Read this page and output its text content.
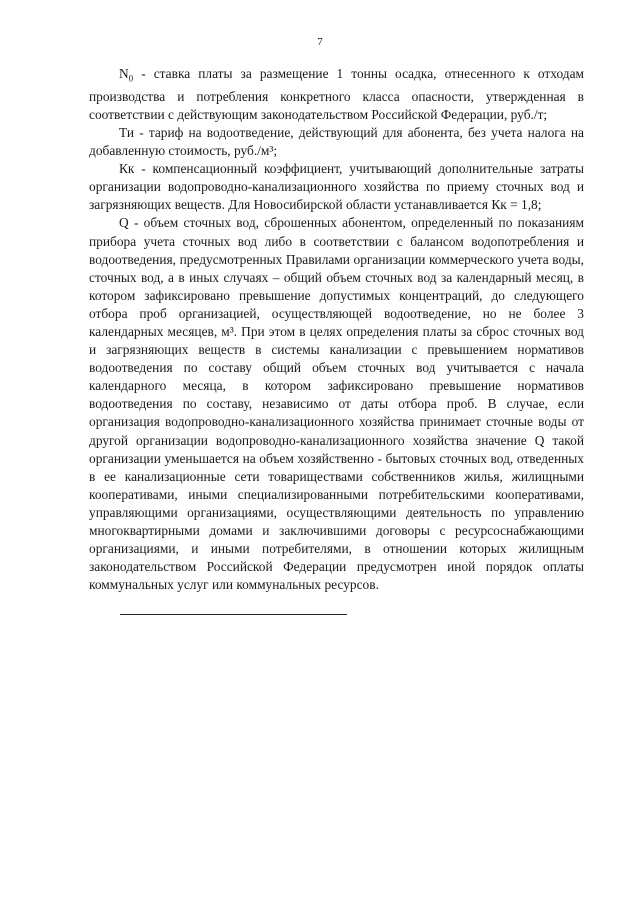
7

$N_0$ - ставка платы за размещение 1 тонны осадка, отнесенного к отходам производства и потребления конкретного класса опасности, утвержденная в соответствии с действующим законодательством Российской Федерации, руб./т;

Ти - тариф на водоотведение, действующий для абонента, без учета налога на добавленную стоимость, руб./м³;

Кк - компенсационный коэффициент, учитывающий дополнительные затраты организации водопроводно-канализационного хозяйства по приему сточных вод и загрязняющих веществ. Для Новосибирской области устанавливается Кк = 1,8;

Q - объем сточных вод, сброшенных абонентом, определенный по показаниям прибора учета сточных вод либо в соответствии с балансом водопотребления и водоотведения, предусмотренных Правилами организации коммерческого учета воды, сточных вод, а в иных случаях – общий объем сточных вод за календарный месяц, в котором зафиксировано превышение допустимых концентраций, до следующего отбора проб организацией, осуществляющей водоотведение, но не более 3 календарных месяцев, м³. При этом в целях определения платы за сброс сточных вод и загрязняющих веществ в системы канализации с превышением нормативов водоотведения по составу общий объем сточных вод учитывается с начала календарного месяца, в котором зафиксировано превышение нормативов водоотведения по составу, независимо от даты отбора проб. В случае, если организация водопроводно-канализационного хозяйства принимает сточные воды от другой организации водопроводно-канализационного хозяйства значение Q такой организации уменьшается на объем хозяйственно - бытовых сточных вод, отведенных в ее канализационные сети товариществами собственников жилья, жилищными кооперативами, иными специализированными потребительскими кооперативами, управляющими организациями, осуществляющими деятельность по управлению многоквартирными домами и заключившими договоры с ресурсоснабжающими организациями, и иными потребителями, в отношении которых жилищным законодательством Российской Федерации предусмотрен иной порядок оплаты коммунальных услуг или коммунальных ресурсов.
